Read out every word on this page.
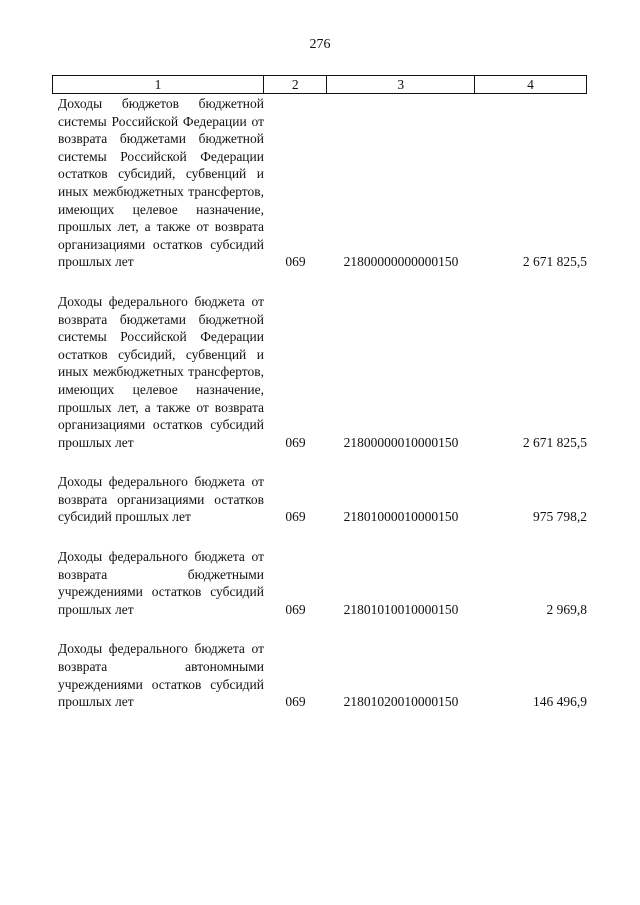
276
1	2	3	4
Доходы бюджетов бюджетной системы Российской Федерации от возврата бюджетами бюджетной системы Российской Федерации остатков субсидий, субвенций и иных межбюджетных трансфертов, имеющих целевое назначение, прошлых лет, а также от возврата организациями остатков субсидий прошлых лет	069	21800000000000150	2 671 825,5
Доходы федерального бюджета от возврата бюджетами бюджетной системы Российской Федерации остатков субсидий, субвенций и иных межбюджетных трансфертов, имеющих целевое назначение, прошлых лет, а также от возврата организациями остатков субсидий прошлых лет	069	21800000010000150	2 671 825,5
Доходы федерального бюджета от возврата организациями остатков субсидий прошлых лет	069	21801000010000150	975 798,2
Доходы федерального бюджета от возврата бюджетными учреждениями остатков субсидий прошлых лет	069	21801010010000150	2 969,8
Доходы федерального бюджета от возврата автономными учреждениями остатков субсидий прошлых лет	069	21801020010000150	146 496,9
